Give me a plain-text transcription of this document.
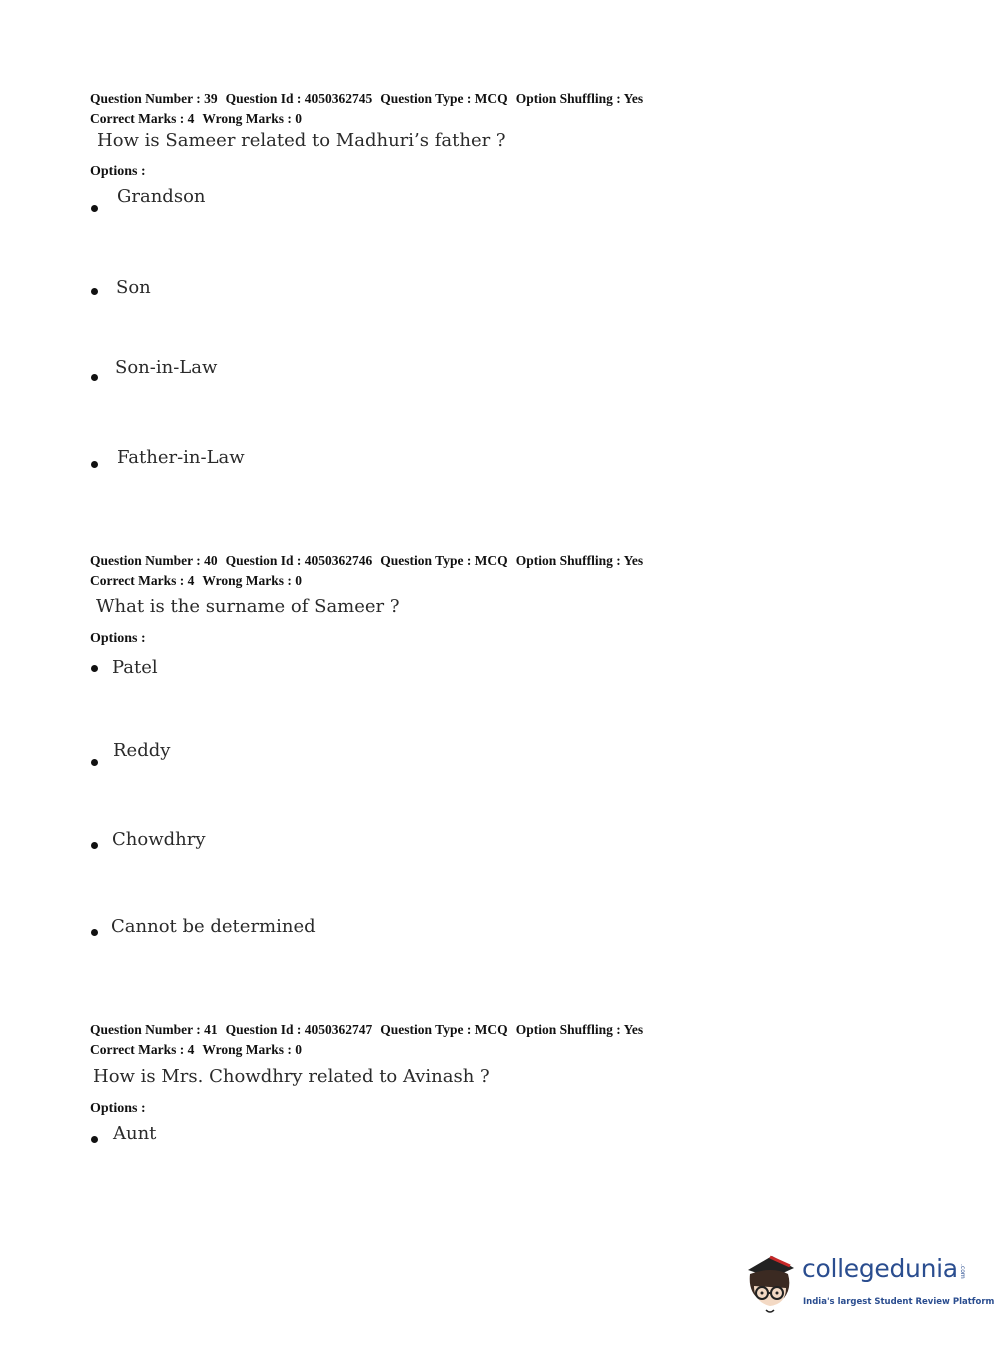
Question Number : 39 Question Id : 4050362745 Question Type : MCQ Option Shuffling : Yes
Correct Marks : 4 Wrong Marks : 0
How is Sameer related to Madhuri’s father ?
Options :
Grandson
Son
Son-in-Law
Father-in-Law
Question Number : 40 Question Id : 4050362746 Question Type : MCQ Option Shuffling : Yes
Correct Marks : 4 Wrong Marks : 0
What is the surname of Sameer ?
Options :
Patel
Reddy
Chowdhry
Cannot be determined
Question Number : 41 Question Id : 4050362747 Question Type : MCQ Option Shuffling : Yes
Correct Marks : 4 Wrong Marks : 0
How is Mrs. Chowdhry related to Avinash ?
Options :
Aunt
collegedunia .com
India's largest Student Review Platform
